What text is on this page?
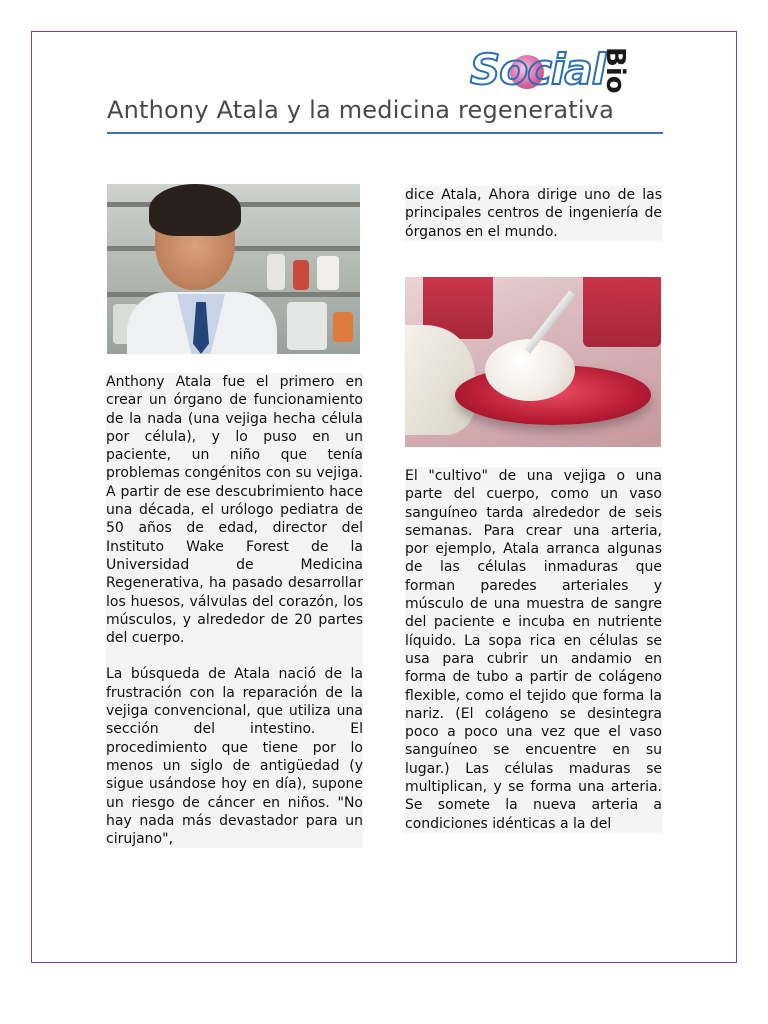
Social
Bio
Anthony Atala y la medicina regenerativa

dice Atala, Ahora dirige uno de las principales centros de ingeniería de órganos en el mundo.

Anthony Atala fue el primero en crear un órgano de funcionamiento de la nada (una vejiga hecha célula por célula), y lo puso en un paciente, un niño que tenía problemas congénitos con su vejiga. A partir de ese descubrimiento hace una década, el urólogo pediatra de 50 años de edad, director del Instituto Wake Forest de la Universidad de Medicina Regenerativa, ha pasado desarrollar los huesos, válvulas del corazón, los músculos, y alrededor de 20 partes del cuerpo.

La búsqueda de Atala nació de la frustración con la reparación de la vejiga convencional, que utiliza una sección del intestino. El procedimiento que tiene por lo menos un siglo de antigüedad (y sigue usándose hoy en día), supone un riesgo de cáncer en niños. "No hay nada más devastador para un cirujano",

El "cultivo" de una vejiga o una parte del cuerpo, como un vaso sanguíneo tarda alrededor de seis semanas. Para crear una arteria, por ejemplo, Atala arranca algunas de las células inmaduras que forman paredes arteriales y músculo de una muestra de sangre del paciente e incuba en nutriente líquido. La sopa rica en células se usa para cubrir un andamio en forma de tubo a partir de colágeno flexible, como el tejido que forma la nariz. (El colágeno se desintegra poco a poco una vez que el vaso sanguíneo se encuentre en su lugar.) Las células maduras se multiplican, y se forma una arteria. Se somete la nueva arteria a condiciones idénticas a la del
